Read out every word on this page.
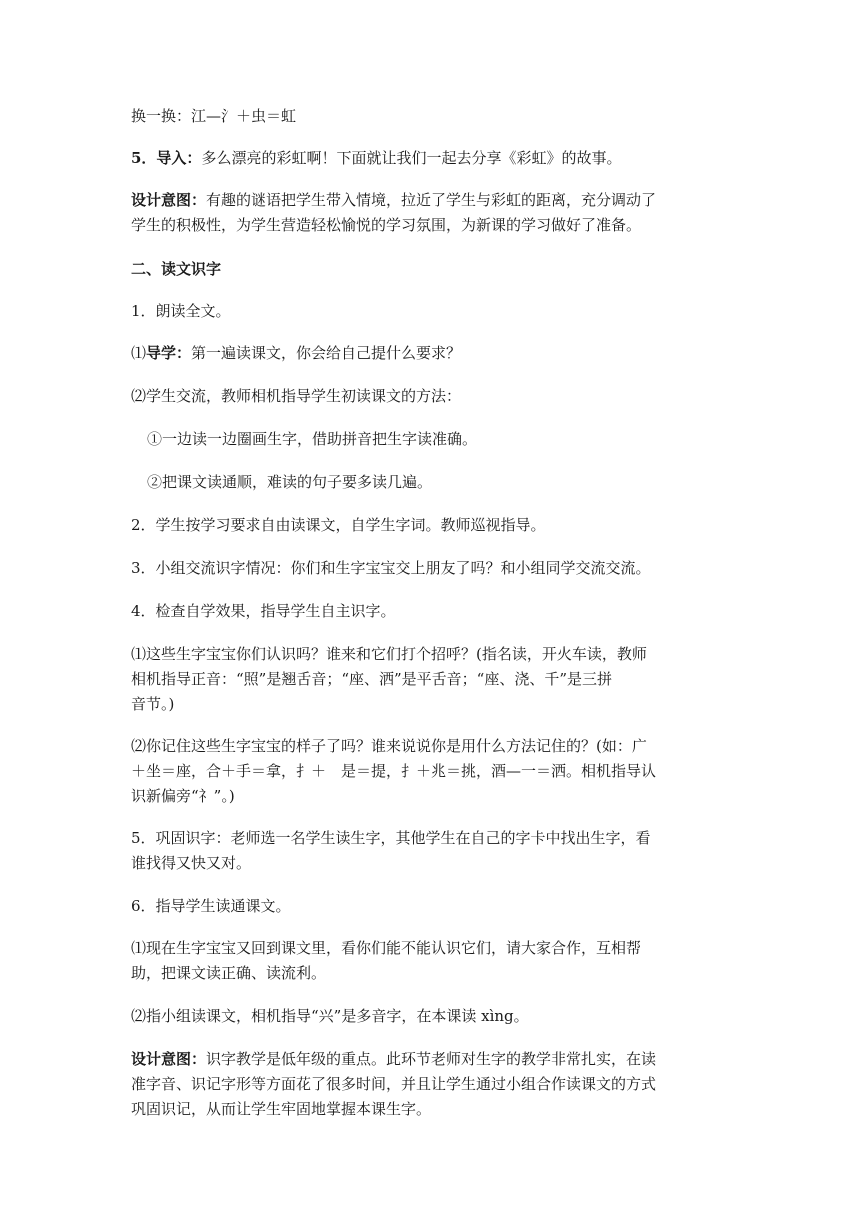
换一换：江—氵＋虫＝虹
5．导入：多么漂亮的彩虹啊！下面就让我们一起去分享《彩虹》的故事。
设计意图：有趣的谜语把学生带入情境，拉近了学生与彩虹的距离，充分调动了
学生的积极性，为学生营造轻松愉悦的学习氛围，为新课的学习做好了准备。
二、读文识字
1．朗读全文。
⑴导学：第一遍读课文，你会给自己提什么要求？
⑵学生交流，教师相机指导学生初读课文的方法：
①一边读一边圈画生字，借助拼音把生字读准确。
②把课文读通顺，难读的句子要多读几遍。
2．学生按学习要求自由读课文，自学生字词。教师巡视指导。
3．小组交流识字情况：你们和生字宝宝交上朋友了吗？和小组同学交流交流。
4．检查自学效果，指导学生自主识字。
⑴这些生字宝宝你们认识吗？谁来和它们打个招呼？(指名读，开火车读，教师
相机指导正音：“照”是翘舌音；“座、洒”是平舌音；“座、浇、千”是三拼
音节。)
⑵你记住这些生字宝宝的样子了吗？谁来说说你是用什么方法记住的？(如：广
＋坐＝座，合＋手＝拿，扌＋　是＝提，扌＋兆＝挑，酒—一＝洒。相机指导认
识新偏旁“礻”。)
5．巩固识字：老师选一名学生读生字，其他学生在自己的字卡中找出生字，看
谁找得又快又对。
6．指导学生读通课文。
⑴现在生字宝宝又回到课文里，看你们能不能认识它们，请大家合作，互相帮
助，把课文读正确、读流利。
⑵指小组读课文，相机指导“兴”是多音字，在本课读 xìng。
设计意图：识字教学是低年级的重点。此环节老师对生字的教学非常扎实，在读
准字音、识记字形等方面花了很多时间，并且让学生通过小组合作读课文的方式
巩固识记，从而让学生牢固地掌握本课生字。
